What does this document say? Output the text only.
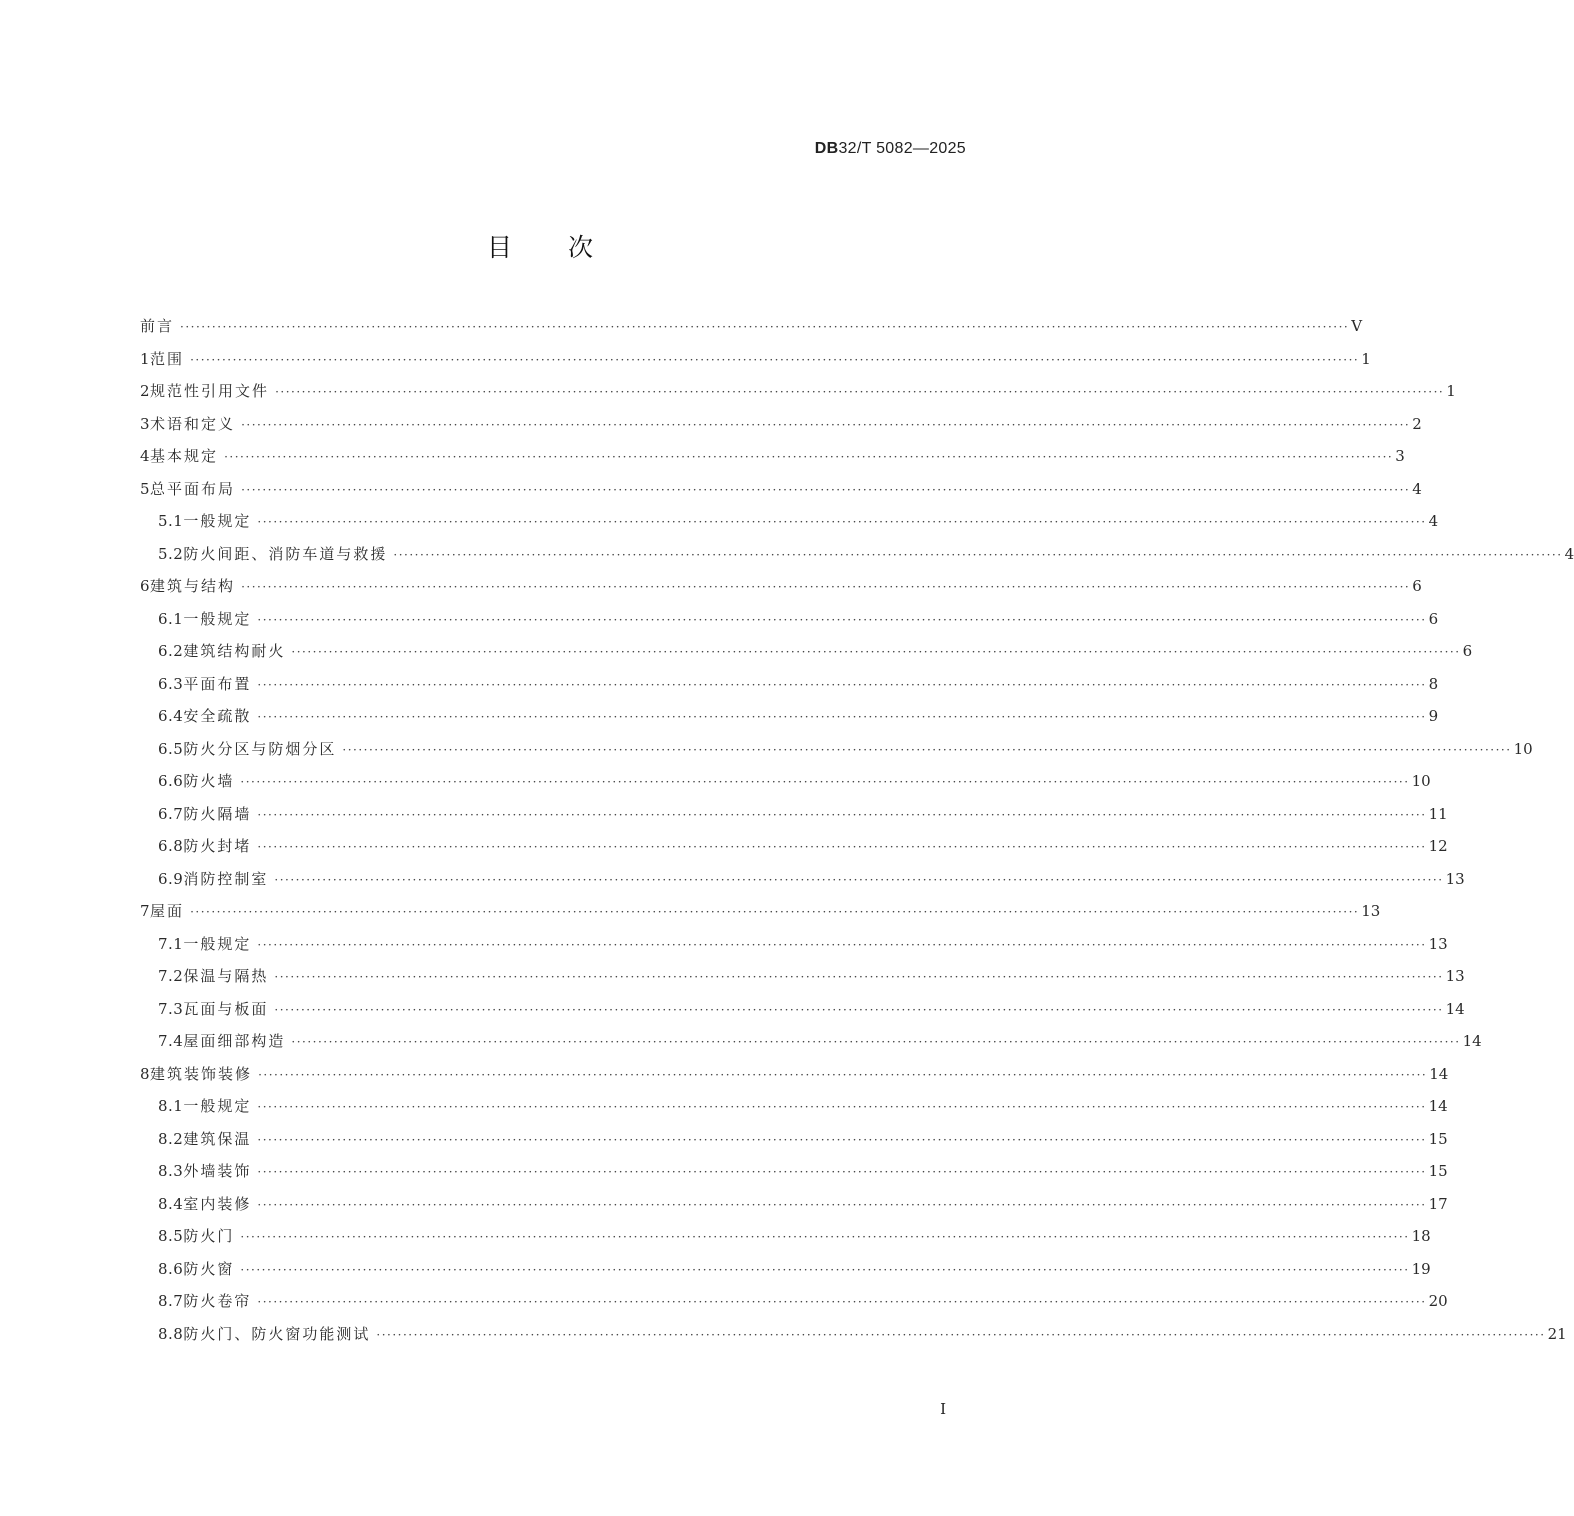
DB32/T 5082—2025
目次
前言 ···························································································································································································································· Ⅴ
1 范围 ···························································································································································································································· 1
2 规范性引用文件 ···························································································································································································································· 1
3 术语和定义 ···························································································································································································································· 2
4 基本规定 ···························································································································································································································· 3
5 总平面布局 ···························································································································································································································· 4
5.1 一般规定 ···························································································································································································································· 4
5.2 防火间距、消防车道与救援 ···························································································································································································································· 4
6 建筑与结构 ···························································································································································································································· 6
6.1 一般规定 ···························································································································································································································· 6
6.2 建筑结构耐火 ···························································································································································································································· 6
6.3 平面布置 ···························································································································································································································· 8
6.4 安全疏散 ···························································································································································································································· 9
6.5 防火分区与防烟分区 ···························································································································································································································· 10
6.6 防火墙 ···························································································································································································································· 10
6.7 防火隔墙 ···························································································································································································································· 11
6.8 防火封堵 ···························································································································································································································· 12
6.9 消防控制室 ···························································································································································································································· 13
7 屋面 ···························································································································································································································· 13
7.1 一般规定 ···························································································································································································································· 13
7.2 保温与隔热 ···························································································································································································································· 13
7.3 瓦面与板面 ···························································································································································································································· 14
7.4 屋面细部构造 ···························································································································································································································· 14
8 建筑装饰装修 ···························································································································································································································· 14
8.1 一般规定 ···························································································································································································································· 14
8.2 建筑保温 ···························································································································································································································· 15
8.3 外墙装饰 ···························································································································································································································· 15
8.4 室内装修 ···························································································································································································································· 17
8.5 防火门 ···························································································································································································································· 18
8.6 防火窗 ···························································································································································································································· 19
8.7 防火卷帘 ···························································································································································································································· 20
8.8 防火门、防火窗功能测试 ···························································································································································································································· 21
I
